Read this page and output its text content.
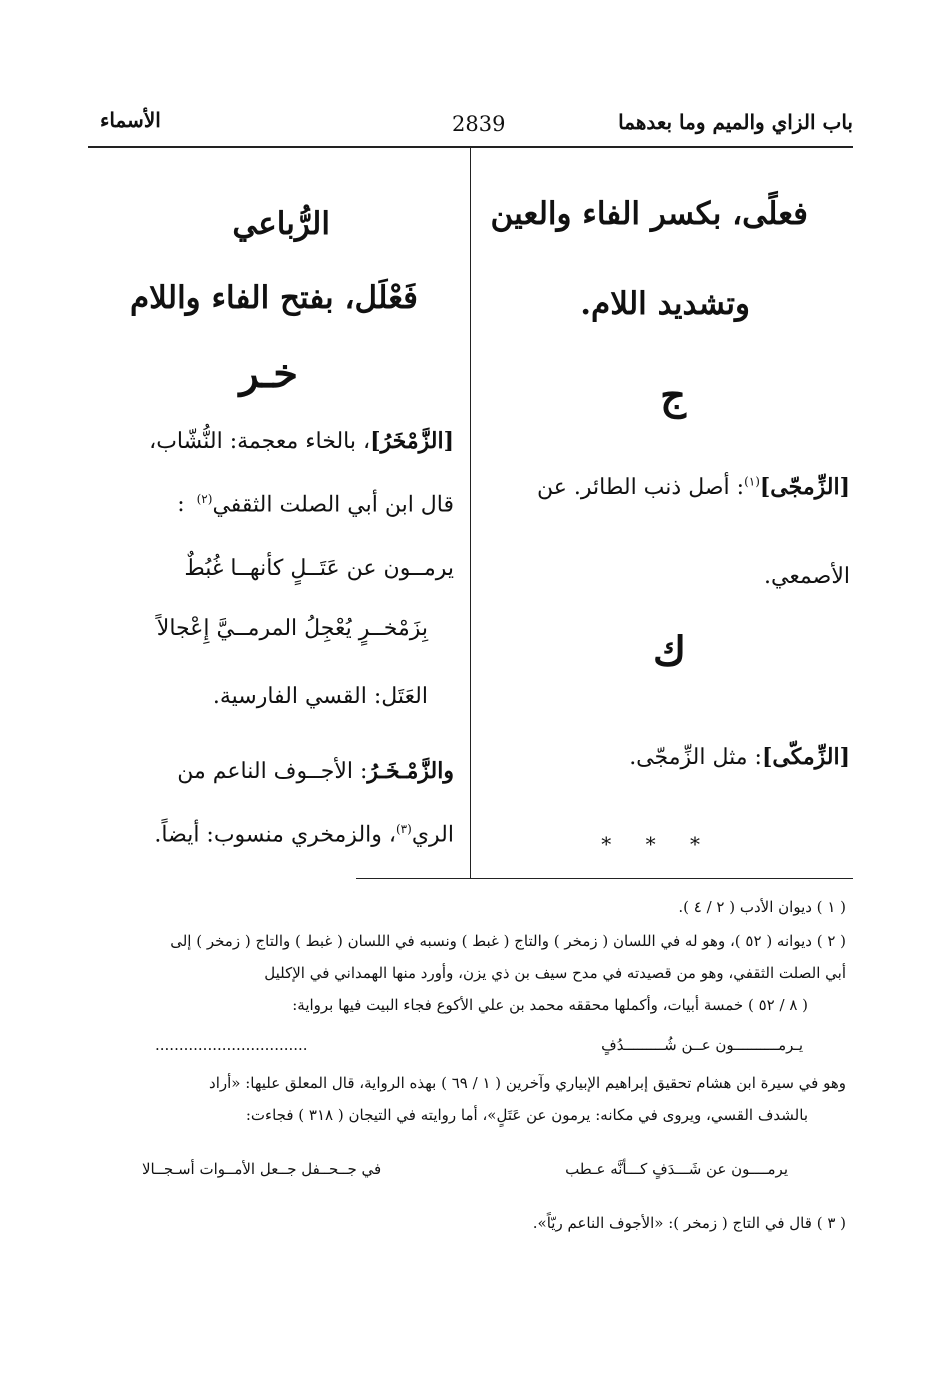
باب الزاي والميم وما بعدهما
2839
الأسماء
فعلًى، بكسر الفاء والعين
وتشديد اللام.
ج
[الزِّمجّى]$^{(١)}$: أصل ذنب الطائر. عن
الأصمعي.
ك
[الزِّمكّى]: مثل الزِّمجّى.
* * *
الرُّباعي
فَعْلَل، بفتح الفاء واللام
خـر
[الزَّمْخَرُ]، بالخاء معجمة: النُّشّاب،
قال ابن أبي الصلت الثقفي$^{(٢)}$:
يرمــون عن عَتَــلٍ كأنهــا غُبُطٌ
بِزَمْخــرٍ يُعْجِلُ المرمــيَّ إِعْجالاً
العَتَل: القسي الفارسية.
والزَّمْـخَـرُ: الأجــوف الناعم من
الري$^{(٣)}$، والزمخري منسوب: أيضاً.
( ١ ) ديوان الأدب ( ٢ / ٤ ).
( ٢ ) ديوانه ( ٥٢ )، وهو له في اللسان ( زمخر ) والتاج ( غبط ) ونسبه في اللسان ( غبط ) والتاج ( زمخر ) إلى
أبي الصلت الثقفي، وهو من قصيدته في مدح سيف بن ذي يزن، وأورد منها الهمداني في الإكليل
( ٨ / ٥٢ ) خمسة أبيات، وأكملها محققه محمد بن علي الأكوع فجاء البيت فيها برواية:
يـرمــــــــــون عــن شُـــــــــدُفٍ
................................
وهو في سيرة ابن هشام تحقيق إبراهيم الإبياري وآخرين ( ١ / ٦٩ ) بهذه الرواية، قال المعلق عليها: «أراد
بالشدف القسي، ويروى في مكانه: يرمون عن عَتَلٍ»، أما روايته في التيجان ( ٣١٨ ) فجاءت:
يرمــــون عن شَـــدَفٍ كـــأنَّه عـطب
في جــحــفل جــعل الأمــوات أسـجــالا
( ٣ ) قال في التاج ( زمخر ): «الأجوف الناعم ريّاً».
